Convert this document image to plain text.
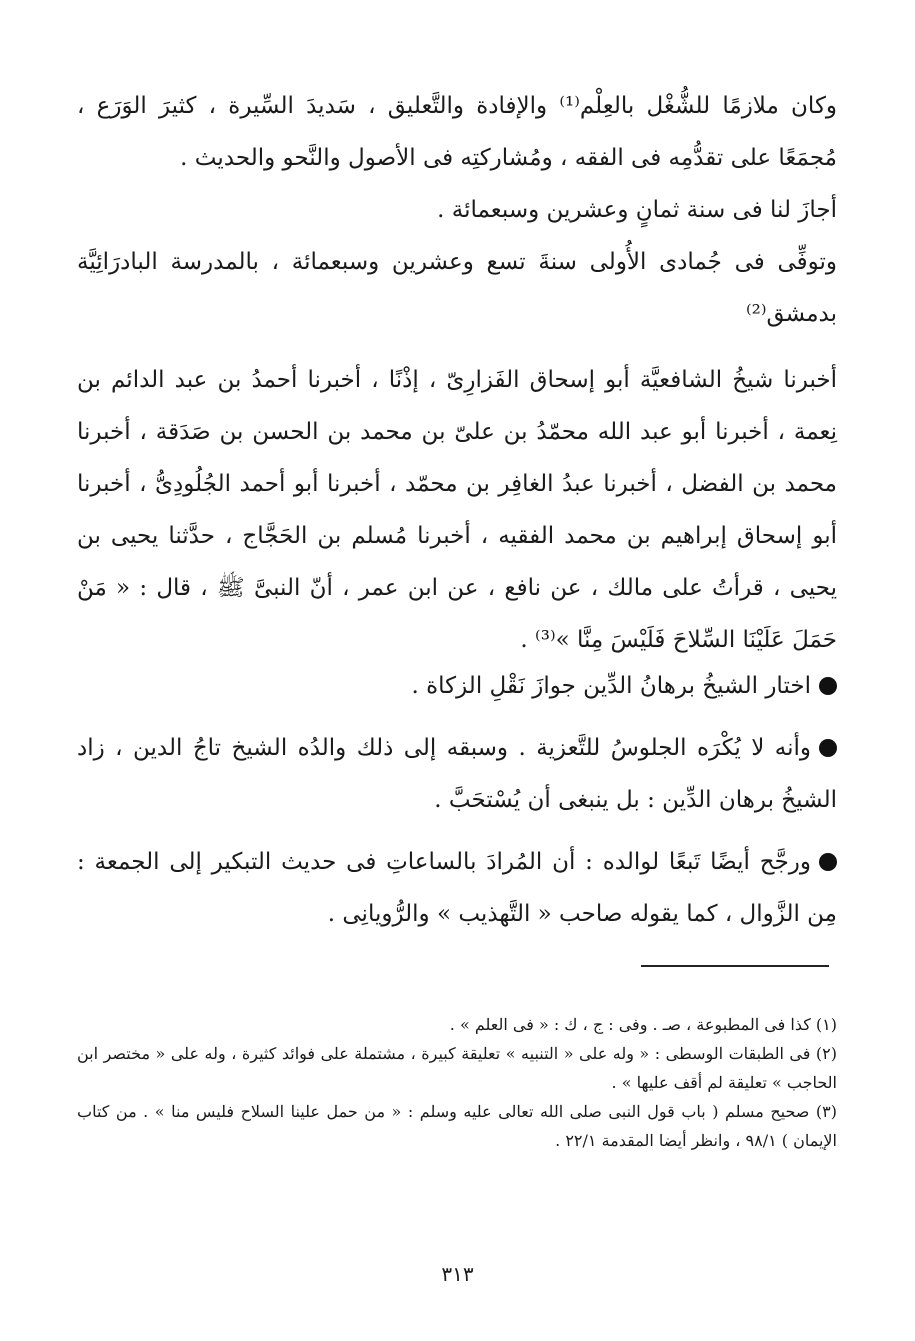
وكان ملازمًا للشُّغْل بالعِلْم⁽¹⁾ والإفادة والتَّعليق ، سَديدَ السِّيرة ، كثيرَ الوَرَع ، مُجمَعًا على تقدُّمِه فى الفقه ، ومُشاركتِه فى الأصول والنَّحو والحديث .

أجازَ لنا فى سنة ثمانٍ وعشرين وسبعمائة .

وتوفِّى فى جُمادى الأُولى سنةَ تسع وعشرين وسبعمائة ، بالمدرسة البادرَائِيَّة بدمشق⁽²⁾

أخبرنا شيخُ الشافعيَّة أبو إسحاق الفَزارِىّ ، إذْنًا ، أخبرنا أحمدُ بن عبد الدائم بن نِعمة ، أخبرنا أبو عبد الله محمّدُ بن علىّ بن محمد بن الحسن بن صَدَقة ، أخبرنا محمد بن الفضل ، أخبرنا عبدُ الغافِر بن محمّد ، أخبرنا أبو أحمد الجُلُودِىُّ ، أخبرنا أبو إسحاق إبراهيم بن محمد الفقيه ، أخبرنا مُسلم بن الحَجَّاج ، حدَّثنا يحيى بن يحيى ، قرأتُ على مالك ، عن نافع ، عن ابن عمر ، أنّ النبىَّ ﷺ ، قال : « مَنْ حَمَلَ عَلَيْنَا السِّلاحَ فَلَيْسَ مِنَّا »⁽³⁾ .

اختار الشيخُ برهانُ الدِّين جوازَ نَقْلِ الزكاة .

وأنه لا يُكْرَه الجلوسُ للتَّعزية . وسبقه إلى ذلك والدُه الشيخ تاجُ الدين ، زاد الشيخُ برهان الدِّين : بل ينبغى أن يُسْتحَبَّ .

ورجَّح أيضًا تَبعًا لوالده : أن المُرادَ بالساعاتِ فى حديث التبكير إلى الجمعة : مِن الزَّوال ، كما يقوله صاحب « التَّهذيب » والرُّويانِى .

(١) كذا فى المطبوعة ، صـ . وفى : ج ، ك : « فى العلم » .

(٢) فى الطبقات الوسطى : « وله على « التنبيه » تعليقة كبيرة ، مشتملة على فوائد كثيرة ، وله على « مختصر ابن الحاجب » تعليقة لم أقف عليها » .

(٣) صحيح مسلم ( باب قول النبى صلى الله تعالى عليه وسلم : « من حمل علينا السلاح فليس منا » . من كتاب الإيمان ) ٩٨/١ ، وانظر أيضا المقدمة ٢٢/١ .

٣١٣
